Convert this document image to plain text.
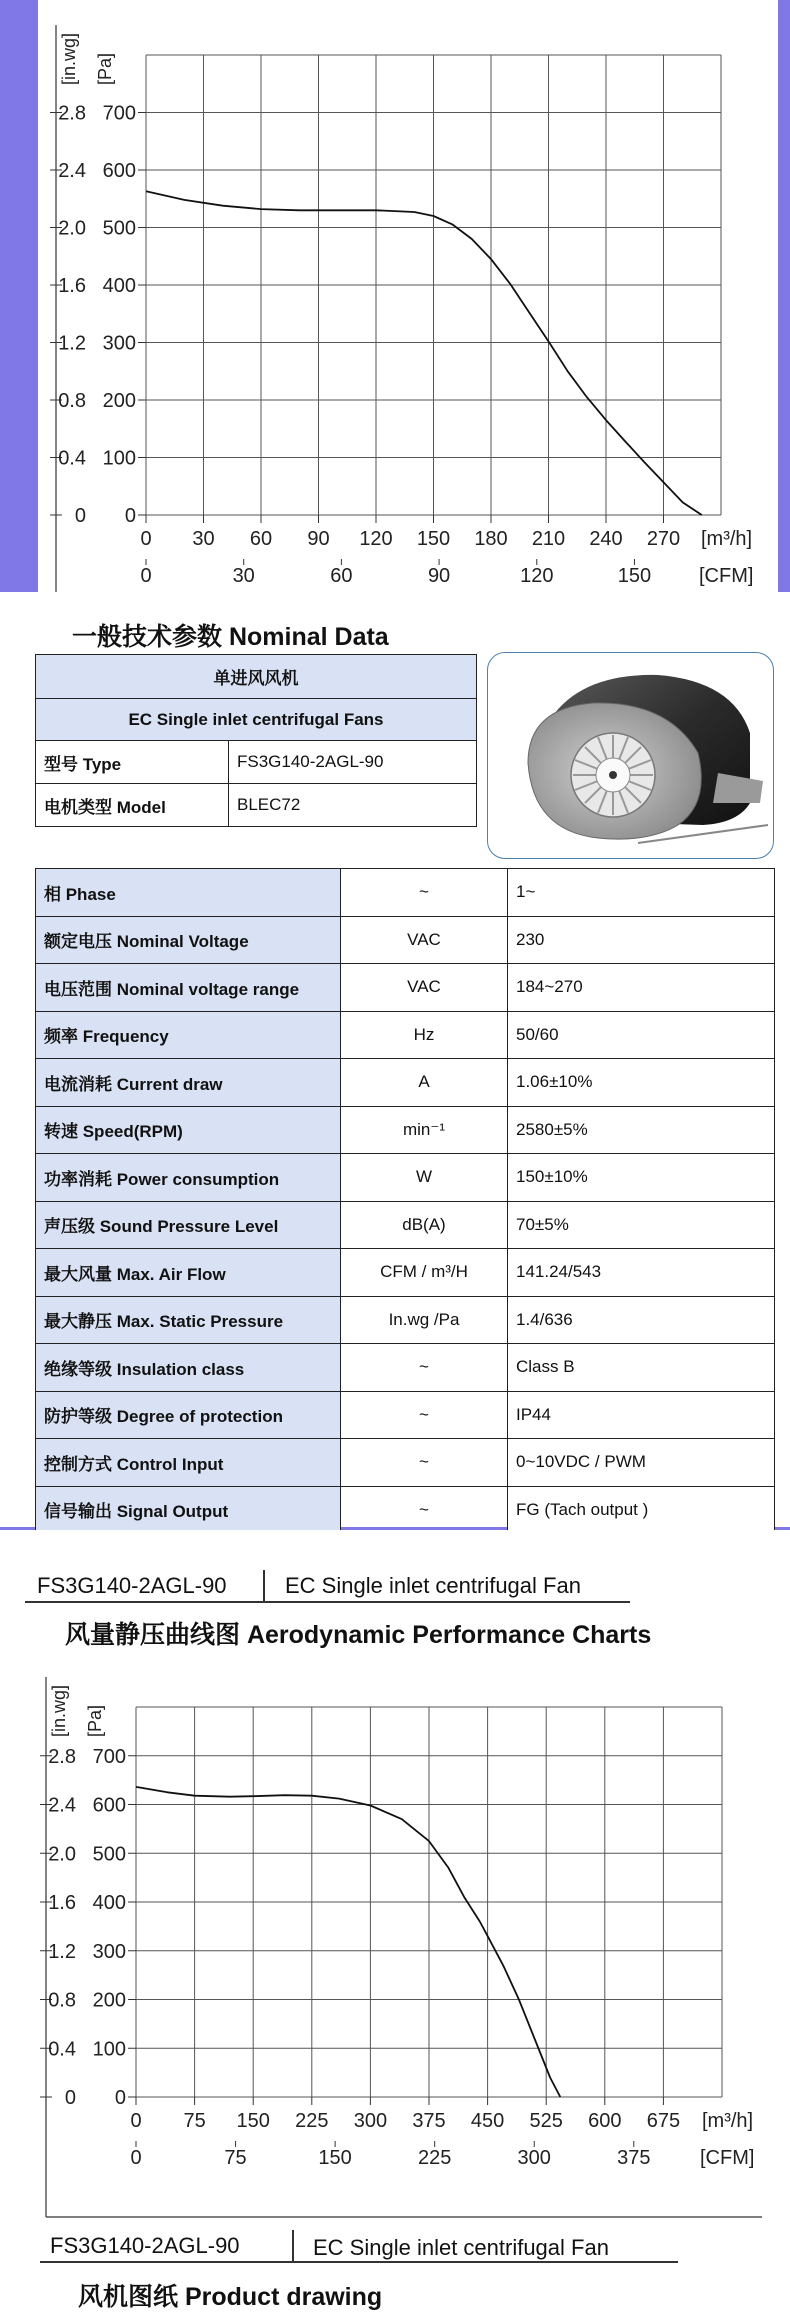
0
0
100
0.4
200
0.8
300
1.2
400
1.6
500
2.0
600
2.4
700
2.8
[in.wg] [Pa]
0 30 60 90 120 150 180 210 240 270 [m³/h]
0	30	60	90	120	150 [CFM]
一般技术参数 Nominal Data
单进风风机	
EC Single inlet centrifugal Fans	
型号 Type	FS3G140-2AGL-90
电机类型 Model	BLEC72
相 Phase	~	1~
额定电压 Nominal Voltage	VAC	230
电压范围 Nominal voltage range	VAC	184~270
频率 Frequency	Hz	50/60
电流消耗 Current draw	A	1.06±10%
转速 Speed(RPM)	min⁻¹	2580±5%
功率消耗 Power consumption	W	150±10%
声压级 Sound Pressure Level	dB(A)	70±5%
最大风量 Max. Air Flow	CFM / m³/H	141.24/543
最大静压 Max. Static Pressure	In.wg /Pa	1.4/636
绝缘等级 Insulation class	~	Class B
防护等级 Degree of protection	~	IP44
控制方式 Control Input	~	0~10VDC / PWM
信号输出 Signal Output	~	FG (Tach output )
FS3G140-2AGL-90	EC Single inlet centrifugal Fan
风量静压曲线图 Aerodynamic Performance Charts
0
0
100
0.4
200
0.8
300
1.2
400
1.6
500
2.0
600
2.4
700
2.8
[in.wg] [Pa]
0 75 150 225 300 375 450 525 600 675 [m³/h]
0	75	150	225	300	375 [CFM]
FS3G140-2AGL-90	EC Single inlet centrifugal Fan
风机图纸 Product drawing
